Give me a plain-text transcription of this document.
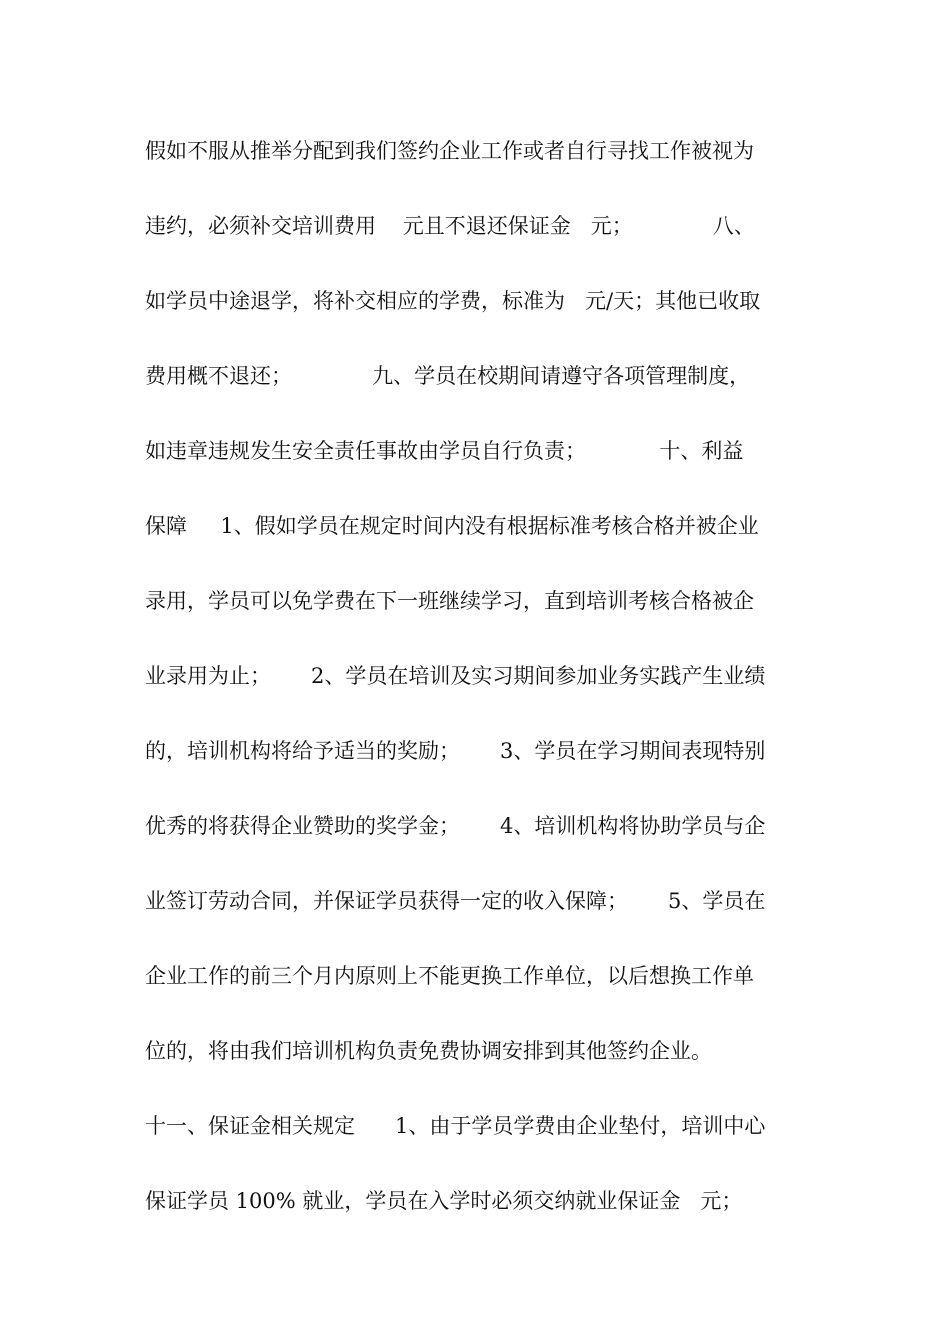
假如不服从推举分配到我们签约企业工作或者自行寻找工作被视为
违约，必须补交培训费用    元且不退还保证金   元；            八、
如学员中途退学，将补交相应的学费，标准为   元/天；其他已收取
费用概不退还；            九、学员在校期间请遵守各项管理制度，
如违章违规发生安全责任事故由学员自行负责；           十、利益
保障     1、假如学员在规定时间内没有根据标准考核合格并被企业
录用，学员可以免学费在下一班继续学习，直到培训考核合格被企
业录用为止；      2、学员在培训及实习期间参加业务实践产生业绩
的，培训机构将给予适当的奖励；      3、学员在学习期间表现特别
优秀的将获得企业赞助的奖学金；      4、培训机构将协助学员与企
业签订劳动合同，并保证学员获得一定的收入保障；      5、学员在
企业工作的前三个月内原则上不能更换工作单位，以后想换工作单
位的，将由我们培训机构负责免费协调安排到其他签约企业。
十一、保证金相关规定      1、由于学员学费由企业垫付，培训中心
保证学员 100% 就业，学员在入学时必须交纳就业保证金   元；
